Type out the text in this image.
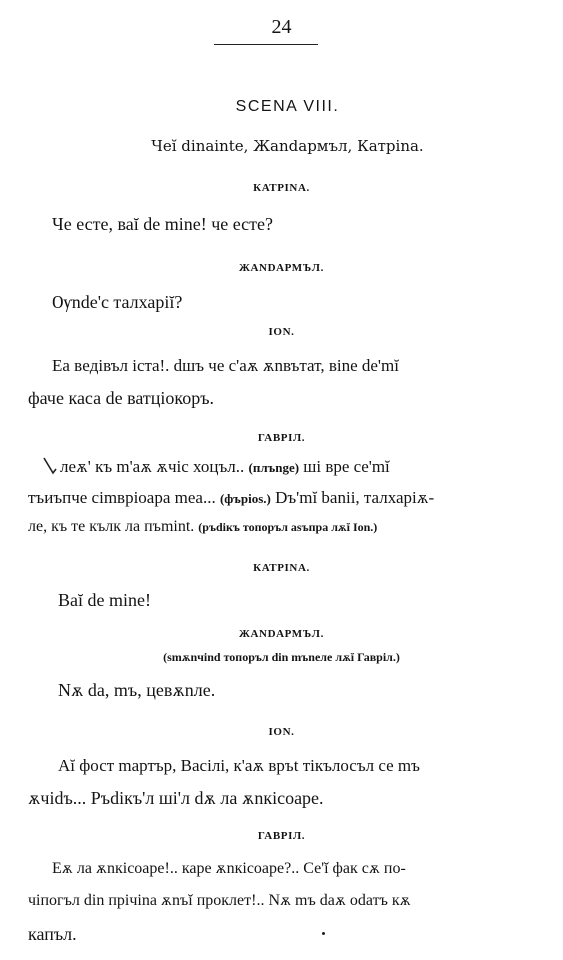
24
SCENA VIII.
Чeĭ dinaintе, Жandapмъл, Катpina.
КАТРІNА.
Че есте, ваĭ de mine! че есте?
ЖАNDАРМЪЛ.
Ѹnde'c талхарiĭ?
ION.
Еа вeдiвъл iстa!. dшъ че с'аѫ ѫnвътат, вine de'mĭ
фаче каса de ватцiокоръ.
ГАВРІЛ.
леѫ' къ m'аѫ ѫчiс хоцъл.. (плъnge) шi вре ce'mĭ
тъиъпче cimвpioapa mea... (фъpios.) Dъ'mĭ banii, талхарiѫ-
ле, къ те кълк ла пъmint. (ръdiкъ топоръл asъпра лѫĭ Ion.)
КАТРІNА.
Ваĭ de mine!
ЖАNDАРМЪЛ.
(smѫnчind топоръл din mъnеле лѫĭ Гаврiл.)
Nѫ da, mъ, цевѫnле.
ION.
Аĭ фост mартър, Васiлi, к'аѫ връt тiкълосъл се mъ
ѫчidъ... Ръdiкъ'л шi'л dѫ ла ѫnкiсоаре.
ГАВРІЛ.
Еѫ ла ѫnкiсоаре!.. каре ѫnкiсоаре?.. Се'ĭ фак сѫ по-
чiпогъл din прiчina ѫnъĭ проклет!.. Nѫ mъ daѫ odатъ кѫ
капъл.
